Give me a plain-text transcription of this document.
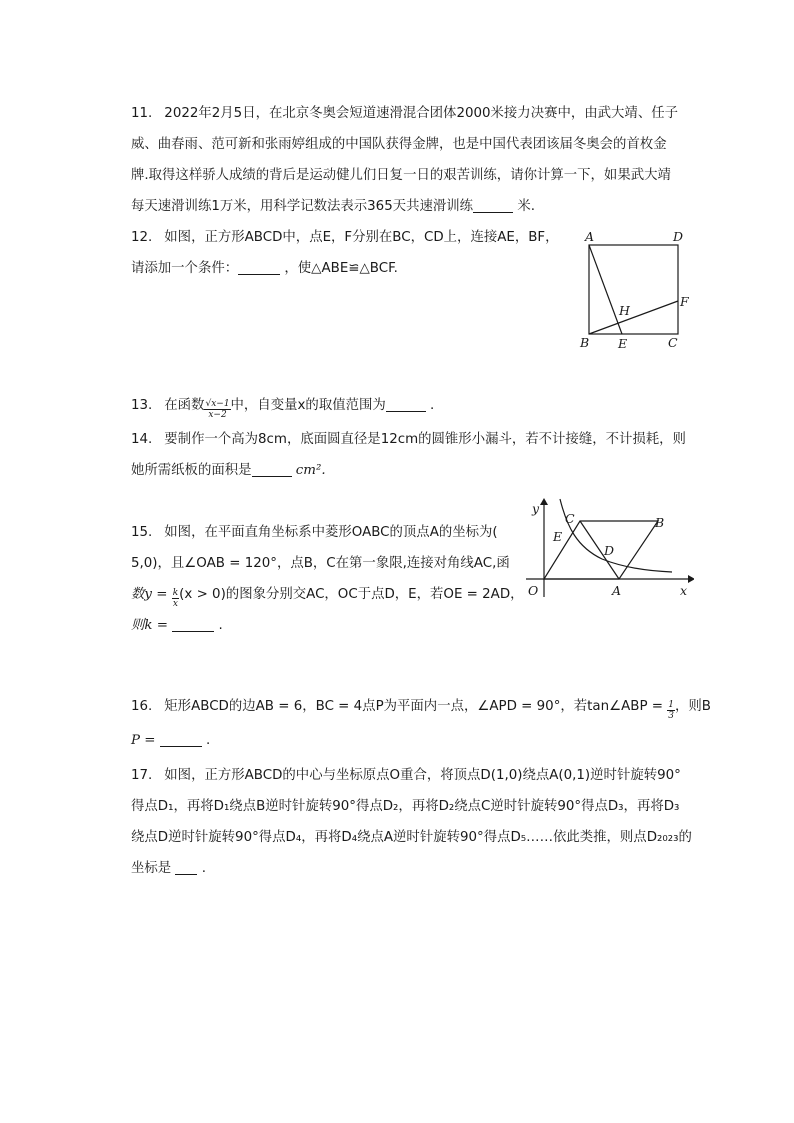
11. 2022年2月5日，在北京冬奥会短道速滑混合团体2000米接力决赛中，由武大靖、任子
威、曲春雨、范可新和张雨婷组成的中国队获得金牌，也是中国代表团该届冬奥会的首枚金
牌.取得这样骄人成绩的背后是运动健儿们日复一日的艰苦训练，请你计算一下，如果武大靖
每天速滑训练1万米，用科学记数法表示365天共速滑训练	米.
12. 如图，正方形ABCD中，点E，F分别在BC，CD上，连接AE，BF，
请添加一个条件：	，使△ABE≌△BCF.
A	D
B E	C
F
H
13. 在函数 $\frac{√x-1}{x-2}$ 中，自变量x的取值范围为	.
14. 要制作一个高为8cm，底面圆直径是12cm的圆锥形小漏斗，若不计接缝，不计损耗，则
她所需纸板的面积是	cm².
15. 如图，在平面直角坐标系中菱形OABC的顶点A的坐标为(
5,0)，且∠OAB = 120°，点B，C在第一象限,连接对角线AC,函
数$y = \frac{k}{x} (x > 0)$的图象分别交AC，OC于点D，E，若OE = 2AD，
则k =	.
y
x
O	A
B
C
D
E
16. 矩形ABCD的边AB = 6，BC = 4点P为平面内一点，∠APD = 90°，若tan∠ABP = $\frac{1}{3}$ ，则B
P =	.
17. 如图，正方形ABCD的中心与坐标原点O重合，将顶点D(1,0)绕点A(0,1)逆时针旋转90°
得点D₁，再将D₁绕点B逆时针旋转90°得点D₂，再将D₂绕点C逆时针旋转90°得点D₃，再将D₃
绕点D逆时针旋转90°得点D₄，再将D₄绕点A逆时针旋转90°得点D₅……依此类推，则点D₂₀₂₃的
坐标是 .
